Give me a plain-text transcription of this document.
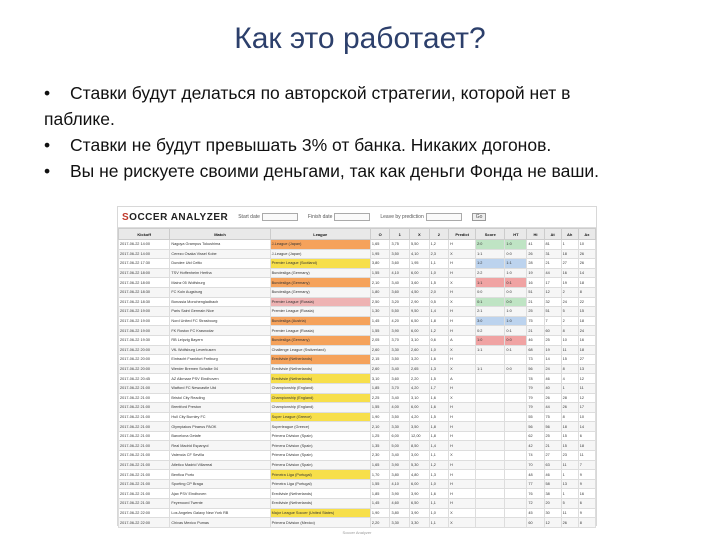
Как это работает?
• Ставки будут делаться по авторской стратегии, которой нет в
паблике.
• Ставки не будут превышать 3% от банка. Никаких догонов.
• Вы не рискуете своими деньгами, так как деньги Фонда не ваши.
SOCCER ANALYZER Start date	Finish date	Leave by prediction	Go
Kickoff	Match	League	O	1	X	2	Predict	Score	HT	Hi	At	Ah	Ax
2017-06-22 14:00	Nagoya Grampus Tokushima	J-League (Japan)	1,65	3,75	5,50	1,2	H	2:0	1:0	41	81	1	10
2017-06-22 14:00	Cerezo Osaka Vissel Kobe	J-League (Japan)	1,95	3,50	4,10	2,3	X	1:1	0:0	26	31	18	26
2017-06-22 17:30	Dundee Utd Celtic	Premier League (Scotland)	3,80	3,60	1,95	1,1	H	1:2	1:1	28	21	27	26
2017-06-22 18:00	TSV Hoffenheim Hertha	Bundesliga (Germany)	1,55	4,10	6,00	1,0	H	2:2	1:0	19	44	16	14
2017-06-22 18:00	Mainz 05 Wolfsburg	Bundesliga (Germany)	2,10	3,40	3,60	1,5	X	1:1	0:1	16	17	19	18
2017-06-22 18:30	FC Koln Augsburg	Bundesliga (Germany)	1,80	3,60	4,50	2,0	H	0:0	0:0	51	12	2	8
2017-06-22 18:30	Borussia Monchengladbach	Premier League (Russia)	2,50	3,20	2,90	0,5	X	0:1	0:0	21	32	24	22
2017-06-22 19:00	Paris Saint Germain Nice	Premier League (Russia)	1,30	5,50	9,50	1,4	H	2:1	1:0	25	51	5	15
2017-06-22 19:00	Nord United FC Strasbourg	Bundesliga (Austria)	1,45	4,20	6,50	1,8	H	3:0	1:0	75	7	2	18
2017-06-22 19:00	FK Rostov FC Krasnodar	Premier League (Russia)	1,55	3,90	6,00	1,2	H	0:2	0:1	21	60	8	24
2017-06-22 19:30	RB Leipzig Bayern	Bundesliga (Germany)	2,05	3,70	3,10	0,6	A	1:0	0:0	46	25	10	16
2017-06-22 20:00	VfL Wolfsburg Leverkusen	Challenge League (Switzerland)	2,60	3,30	2,60	1,0	X	1:1	0:1	68	19	11	18
2017-06-22 20:00	Eintracht Frankfurt Freiburg	Eredivisie (Netherlands)	2,15	3,50	3,20	1,6	H			73	14	15	27
2017-06-22 20:00	Werder Bremen Schalke 04	Eredivisie (Netherlands)	2,60	3,40	2,65	1,3	X	1:1	0:0	56	24	8	13
2017-06-22 20:45	AZ Alkmaar PSV Eindhoven	Eredivisie (Netherlands)	3,10	3,60	2,20	1,5	A			78	46	4	12
2017-06-22 21:00	Watford FC Newcastle Utd	Championship (England)	1,85	3,70	4,20	1,7	H			79	40	1	11
2017-06-22 21:00	Bristol City Reading	Championship (England)	2,25	3,40	3,10	1,6	X			79	26	28	12
2017-06-22 21:00	Brentford Preston	Championship (England)	1,55	4,00	6,00	1,6	H			79	44	26	17
2017-06-22 21:00	Hull City Burnley FC	Super League (Greece)	1,90	3,50	4,20	1,5	H			55	75	8	10
2017-06-22 21:00	Olympiakos Piraeus PAOK	Superleague (Greece)	2,10	3,30	3,50	1,8	H			56	56	18	14
2017-06-22 21:00	Barcelona Getafe	Primera Division (Spain)	1,25	6,00	12,00	1,8	H			62	25	15	6
2017-06-22 21:00	Real Madrid Espanyol	Primera Division (Spain)	1,35	5,00	8,50	1,4	H			42	21	15	18
2017-06-22 21:00	Valencia CF Sevilla	Primera Division (Spain)	2,30	3,40	3,00	1,1	X			74	27	23	11
2017-06-22 21:00	Atletico Madrid Villarreal	Primera Division (Spain)	1,65	3,90	5,30	1,2	H			70	63	11	7
2017-06-22 21:00	Benfica Porto	Primeira Liga (Portugal)	1,70	3,80	4,80	1,3	H			48	46	1	9
2017-06-22 21:00	Sporting CP Braga	Primeira Liga (Portugal)	1,55	4,10	6,00	1,0	H			77	58	13	9
2017-06-22 21:00	Ajax PSV Eindhoven	Eredivisie (Netherlands)	1,85	3,90	3,90	1,6	H			76	38	1	16
2017-06-22 21:30	Feyenoord Twente	Eredivisie (Netherlands)	1,45	4,60	6,50	1,1	H			72	20	5	6
2017-06-22 22:00	Los Angeles Galaxy New York RB	Major League Soccer (United States)	1,90	3,80	3,90	1,0	X			45	30	11	9
2017-06-22 22:00	Chivas Mexico Pumas	Primera Division (Mexico)	2,20	3,30	3,30	1,1	X			60	12	26	8
Soccer Analyzer
